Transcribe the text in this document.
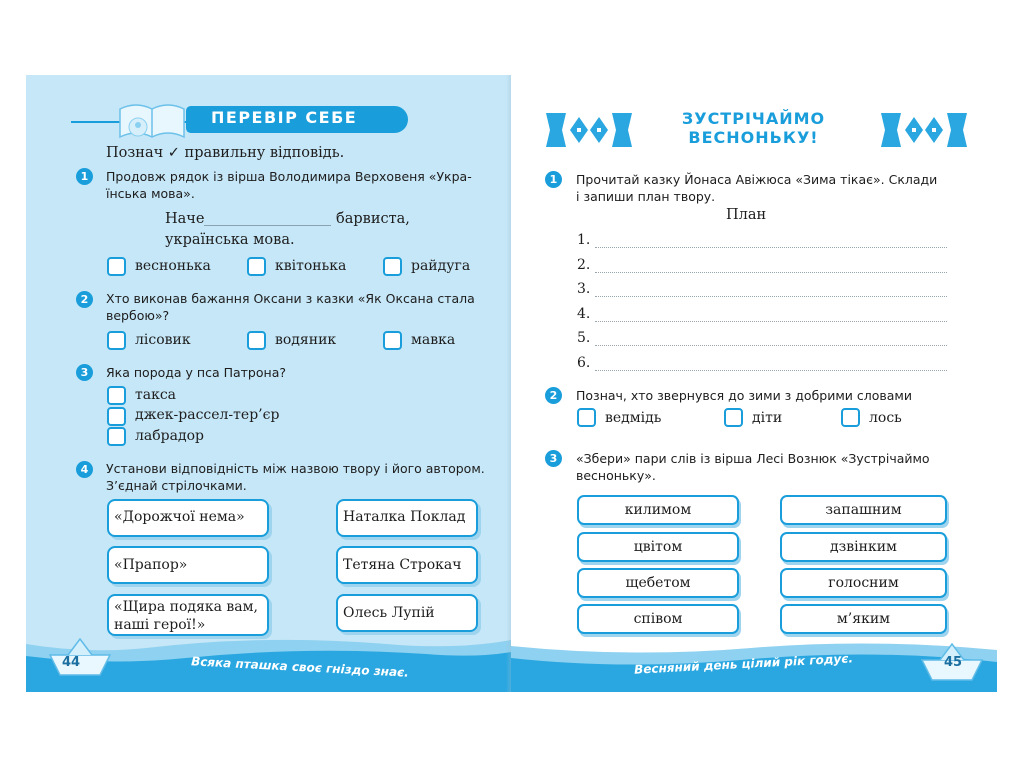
ПЕРЕВІР СЕБЕ
Познач ✓ правильну відповідь.
1	Продовж рядок із вірша Володимира Верховеня «Укра-
їнська мова».
Наче	барвиста,
українська мова.
веснонька	квітонька	райдуга
2	Хто виконав бажання Оксани з казки «Як Оксана стала
вербою»?
лісовик	водяник	мавка
3	Яка порода у пса Патрона?
такса
джек-рассел-тер’єр
лабрадор
4	Установи відповідність між назвою твору і його автором.
З’єднай стрілочками.
«Дорожчої нема»
«Прапор»
«Щира подяка вам,
наші герої!»
Наталка Поклад
Тетяна Строкач
Олесь Лупій
44	Всяка пташка своє гніздо знає.
ЗУСТРІЧАЙМО
ВЕСНОНЬКУ!
1	Прочитай казку Йонаса Авіжюса «Зима тікає». Склади
і запиши план твору.
План
1.
2.
3.
4.
5.
6.
2	Познач, хто звернувся до зими з добрими словами
ведмідь	діти	лось
3	«Збери» пари слів із вірша Лесі Вознюк «Зустрічаймо
весноньку».
килимом
цвітом
щебетом
співом
запашним
дзвінким
голосним
м’яким
45
Весняний день цілий рік годує.
